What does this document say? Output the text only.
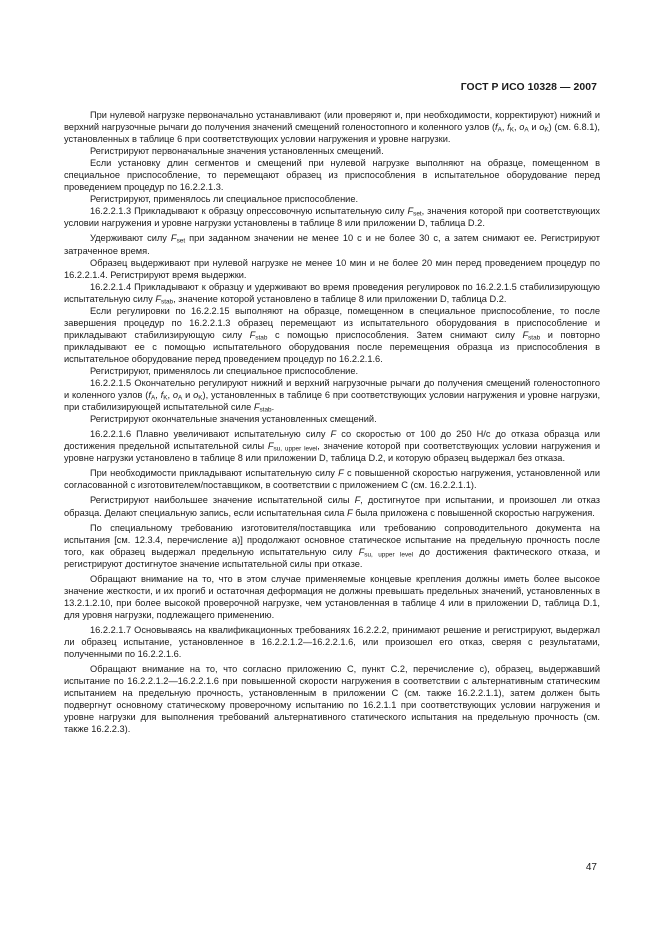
ГОСТ Р ИСО 10328 — 2007

При нулевой нагрузке первоначально устанавливают (или проверяют и, при необходимости, корректируют) нижний и верхний нагрузочные рычаги до получения значений смещений голеностопного и коленного узлов ($f_A$, $f_K$, $o_A$ и $o_K$) (см. 6.8.1), установленных в таблице 6 при соответствующих условии нагружения и уровне нагрузки.

Регистрируют первоначальные значения установленных смещений.

Если установку длин сегментов и смещений при нулевой нагрузке выполняют на образце, помещенном в специальное приспособление, то перемещают образец из приспособления в испытательное оборудование перед проведением процедур по 16.2.2.1.3.

Регистрируют, применялось ли специальное приспособление.

16.2.2.1.3 Прикладывают к образцу опрессовочную испытательную силу $F_{set}$, значения которой при соответствующих условии нагружения и уровне нагрузки установлены в таблице 8 или приложении D, таблица D.2.

Удерживают силу $F_{set}$ при заданном значении не менее 10 с и не более 30 с, а затем снимают ее. Регистрируют затраченное время.

Образец выдерживают при нулевой нагрузке не менее 10 мин и не более 20 мин перед проведением процедур по 16.2.2.1.4. Регистрируют время выдержки.

16.2.2.1.4 Прикладывают к образцу и удерживают во время проведения регулировок по 16.2.2.1.5 стабилизирующую испытательную силу $F_{stab}$, значение которой установлено в таблице 8 или приложении D, таблица D.2.

Если регулировки по 16.2.2.15 выполняют на образце, помещенном в специальное приспособление, то после завершения процедур по 16.2.2.1.3 образец перемещают из испытательного оборудования в приспособление и прикладывают стабилизирующую силу $F_{stab}$ с помощью приспособления. Затем снимают силу $F_{stab}$ и повторно прикладывают ее с помощью испытательного оборудования после перемещения образца из приспособления в испытательное оборудование перед проведением процедур по 16.2.2.1.6.

Регистрируют, применялось ли специальное приспособление.

16.2.2.1.5 Окончательно регулируют нижний и верхний нагрузочные рычаги до получения смещений голеностопного и коленного узлов ($f_A$, $f_K$, $o_A$ и $o_K$), установленных в таблице 6 при соответствующих условии нагружения и уровне нагрузки, при стабилизирующей испытательной силе $F_{stab}$.

Регистрируют окончательные значения установленных смещений.

16.2.2.1.6 Плавно увеличивают испытательную силу F со скоростью от 100 до 250 Н/с до отказа образца или достижения предельной испытательной силы $F_{su, upper level}$, значение которой при соответствующих условии нагружения и уровне нагрузки установлено в таблице 8 или приложении D, таблица D.2, и которую образец выдержал без отказа.

При необходимости прикладывают испытательную силу F с повышенной скоростью нагружения, установленной или согласованной с изготовителем/поставщиком, в соответствии с приложением С (см. 16.2.2.1.1).

Регистрируют наибольшее значение испытательной силы F, достигнутое при испытании, и произошел ли отказ образца. Делают специальную запись, если испытательная сила F была приложена с повышенной скоростью нагружения.

По специальному требованию изготовителя/поставщика или требованию сопроводительного документа на испытания [см. 12.3.4, перечисление а)] продолжают основное статическое испытание на предельную прочность после того, как образец выдержал предельную испытательную силу $F_{su, upper level}$ до достижения фактического отказа, и регистрируют достигнутое значение испытательной силы при отказе.

Обращают внимание на то, что в этом случае применяемые концевые крепления должны иметь более высокое значение жесткости, и их прогиб и остаточная деформация не должны превышать предельных значений, установленных в 13.2.1.2.10, при более высокой проверочной нагрузке, чем установленная в таблице 4 или в приложении D, таблица D.1, для уровня нагрузки, подлежащего применению.

16.2.2.1.7 Основываясь на квалификационных требованиях 16.2.2.2, принимают решение и регистрируют, выдержал ли образец испытание, установленное в 16.2.2.1.2—16.2.2.1.6, или произошел его отказ, сверяя с результатами, полученными по 16.2.2.1.6.

Обращают внимание на то, что согласно приложению С, пункт С.2, перечисление с), образец, выдержавший испытание по 16.2.2.1.2—16.2.2.1.6 при повышенной скорости нагружения в соответствии с альтернативным статическим испытанием на предельную прочность, установленным в приложении С (см. также 16.2.2.1.1), затем должен быть подвергнут основному статическому проверочному испытанию по 16.2.1.1 при соответствующих условии нагружения и уровне нагрузки для выполнения требований альтернативного статического испытания на предельную прочность (см. также 16.2.2.3).

47
